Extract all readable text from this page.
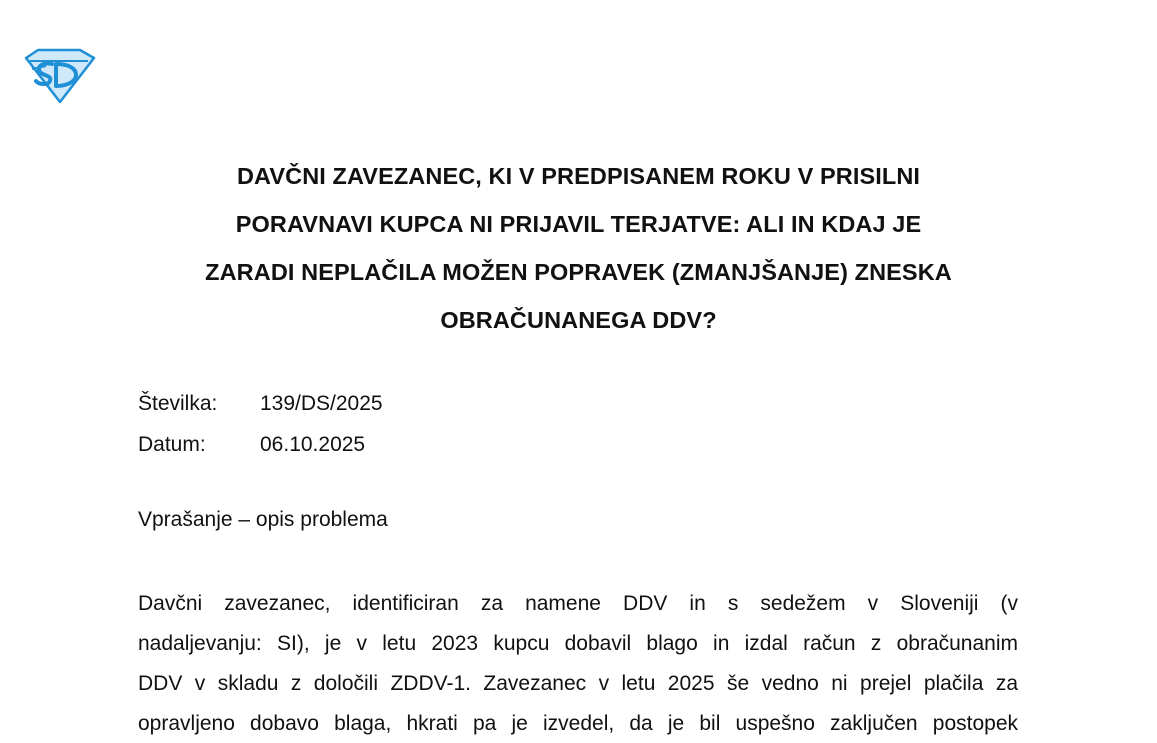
DAVČNI ZAVEZANEC, KI V PREDPISANEM ROKU V PRISILNI
PORAVNAVI KUPCA NI PRIJAVIL TERJATVE: ALI IN KDAJ JE
ZARADI NEPLAČILA MOŽEN POPRAVEK (ZMANJŠANJE) ZNESKA
OBRAČUNANEGA DDV?
Številka:	139/DS/2025
Datum:	06.10.2025
Vprašanje – opis problema
Davčni zavezanec, identificiran za namene DDV in s sedežem v Sloveniji (v
nadaljevanju: SI), je v letu 2023 kupcu dobavil blago in izdal račun z obračunanim
DDV v skladu z določili ZDDV-1. Zavezanec v letu 2025 še vedno ni prejel plačila za
opravljeno dobavo blaga, hkrati pa je izvedel, da je bil uspešno zaključen postopek
